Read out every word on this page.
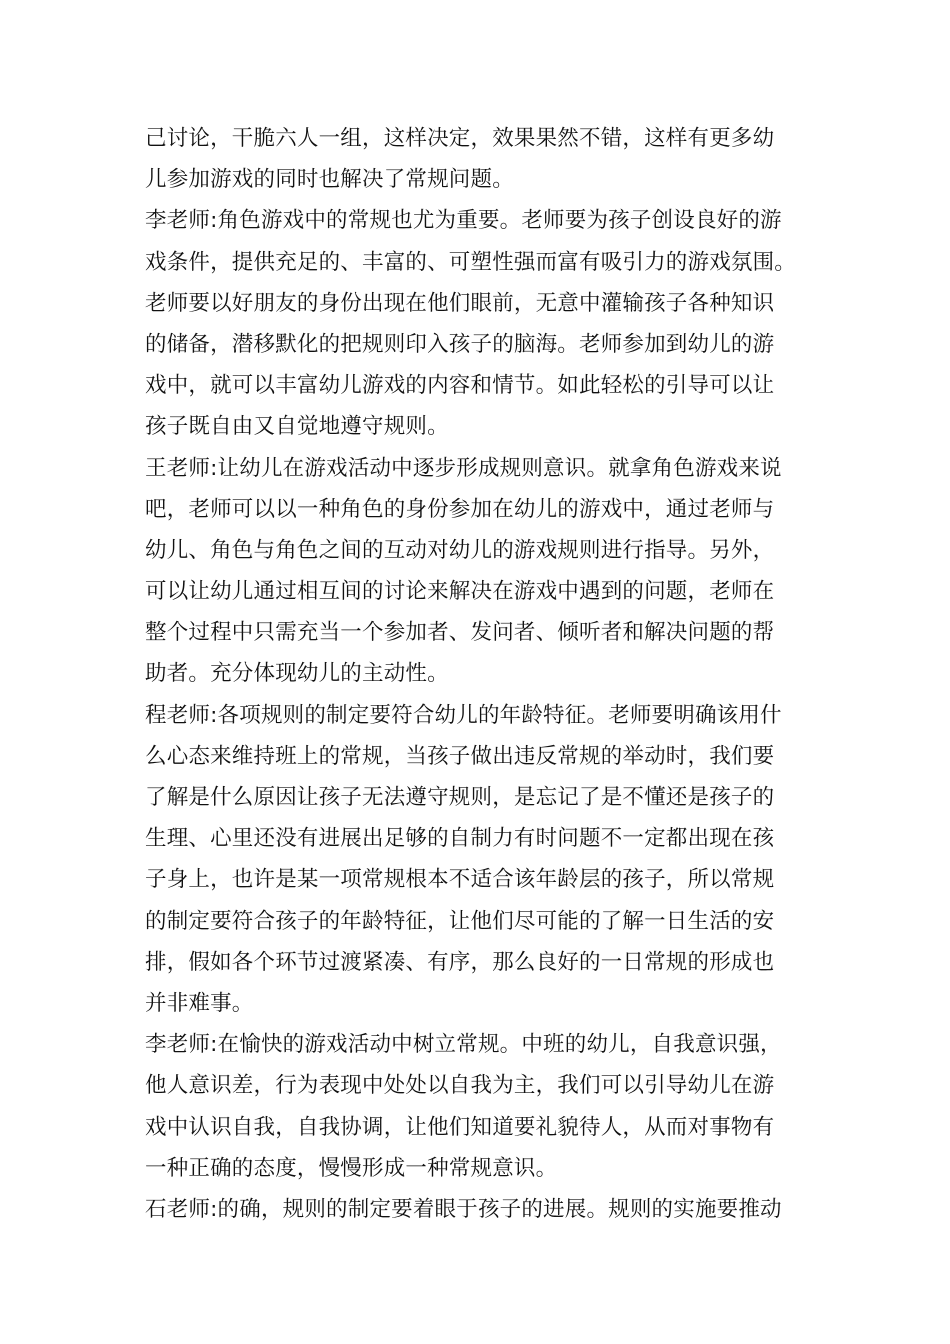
己讨论，干脆六人一组，这样决定，效果果然不错，这样有更多幼
儿参加游戏的同时也解决了常规问题。
李老师:角色游戏中的常规也尤为重要。老师要为孩子创设良好的游
戏条件，提供充足的、丰富的、可塑性强而富有吸引力的游戏氛围。
老师要以好朋友的身份出现在他们眼前，无意中灌输孩子各种知识
的储备，潜移默化的把规则印入孩子的脑海。老师参加到幼儿的游
戏中，就可以丰富幼儿游戏的内容和情节。如此轻松的引导可以让
孩子既自由又自觉地遵守规则。
王老师:让幼儿在游戏活动中逐步形成规则意识。就拿角色游戏来说
吧，老师可以以一种角色的身份参加在幼儿的游戏中，通过老师与
幼儿、角色与角色之间的互动对幼儿的游戏规则进行指导。另外，
可以让幼儿通过相互间的讨论来解决在游戏中遇到的问题，老师在
整个过程中只需充当一个参加者、发问者、倾听者和解决问题的帮
助者。充分体现幼儿的主动性。
程老师:各项规则的制定要符合幼儿的年龄特征。老师要明确该用什
么心态来维持班上的常规，当孩子做出违反常规的举动时，我们要
了解是什么原因让孩子无法遵守规则，是忘记了是不懂还是孩子的
生理、心里还没有进展出足够的自制力有时问题不一定都出现在孩
子身上，也许是某一项常规根本不适合该年龄层的孩子，所以常规
的制定要符合孩子的年龄特征，让他们尽可能的了解一日生活的安
排，假如各个环节过渡紧凑、有序，那么良好的一日常规的形成也
并非难事。
李老师:在愉快的游戏活动中树立常规。中班的幼儿，自我意识强，
他人意识差，行为表现中处处以自我为主，我们可以引导幼儿在游
戏中认识自我，自我协调，让他们知道要礼貌待人，从而对事物有
一种正确的态度，慢慢形成一种常规意识。
石老师:的确，规则的制定要着眼于孩子的进展。规则的实施要推动
